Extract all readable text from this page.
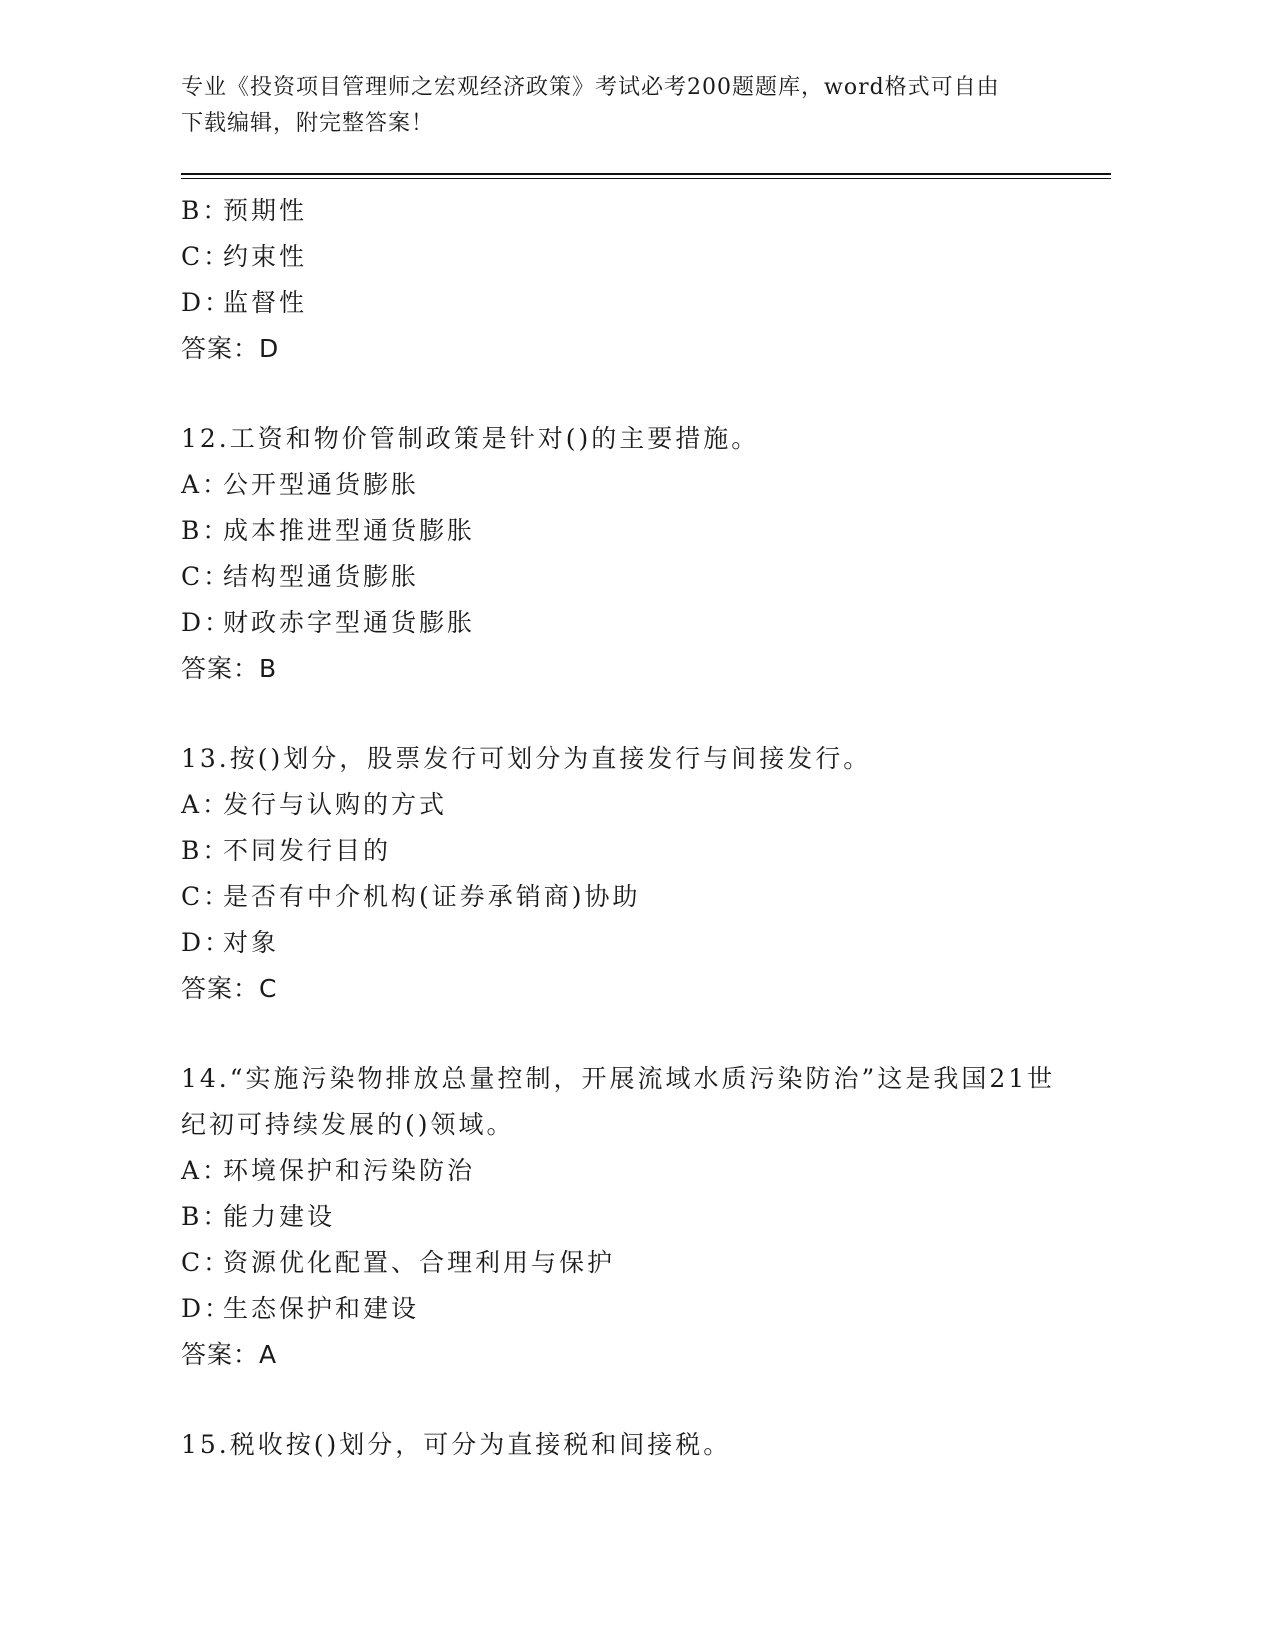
专业《投资项目管理师之宏观经济政策》考试必考200题题库，word格式可自由
下载编辑，附完整答案！
B：预期性
C：约束性
D：监督性
答案：D
12.工资和物价管制政策是针对()的主要措施。
A：公开型通货膨胀
B：成本推进型通货膨胀
C：结构型通货膨胀
D：财政赤字型通货膨胀
答案：B
13.按()划分，股票发行可划分为直接发行与间接发行。
A：发行与认购的方式
B：不同发行目的
C：是否有中介机构(证券承销商)协助
D：对象
答案：C
14.“实施污染物排放总量控制，开展流域水质污染防治”这是我国21世纪初可持续发展的()领域。
A：环境保护和污染防治
B：能力建设
C：资源优化配置、合理利用与保护
D：生态保护和建设
答案：A
15.税收按()划分，可分为直接税和间接税。
